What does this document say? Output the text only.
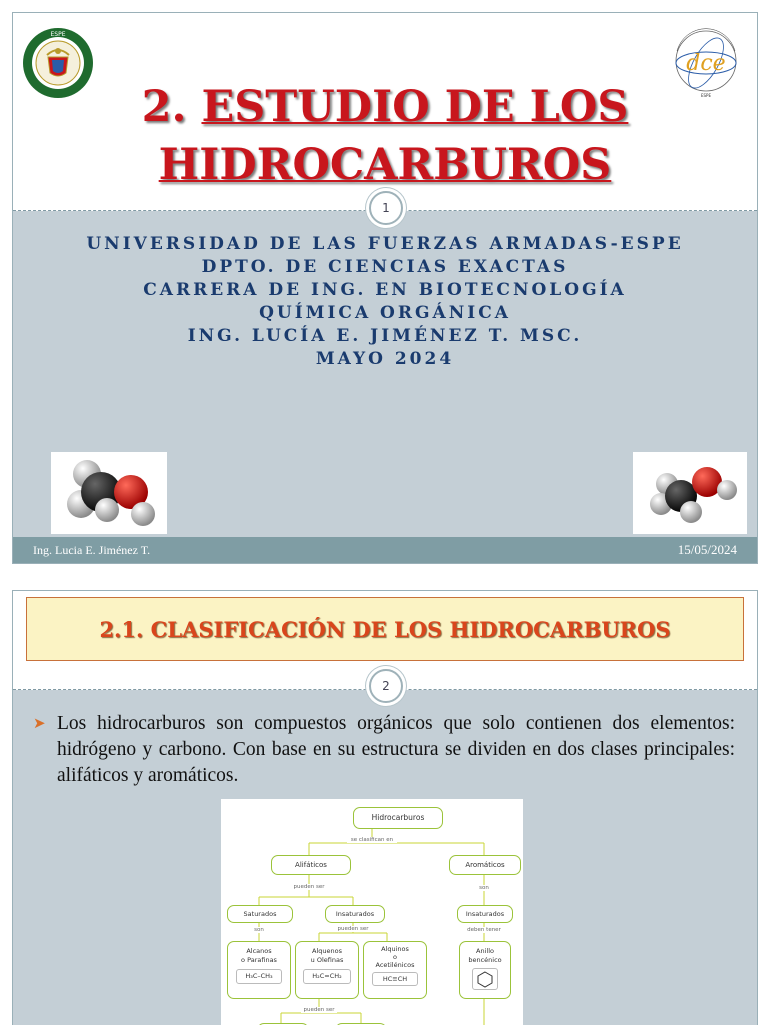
ESPE
dce
ESPE
2. ESTUDIO DE LOS
HIDROCARBUROS
1
UNIVERSIDAD DE LAS FUERZAS ARMADAS-ESPE
DPTO. DE CIENCIAS EXACTAS
CARRERA DE ING. EN BIOTECNOLOGÍA
QUÍMICA ORGÁNICA
ING. LUCÍA E. JIMÉNEZ T. MSC.
MAYO 2024
Ing. Lucia E. Jiménez T.	15/05/2024
2.1. CLASIFICACIÓN DE LOS HIDROCARBUROS
2
➤ Los hidrocarburos son compuestos orgánicos que solo contienen dos elementos: hidrógeno y carbono. Con base en su estructura se dividen en dos clases principales: alifáticos y aromáticos.
Hidrocarburos
se clasifican en
Alifáticos	Aromáticos
pueden ser	son
Saturados	Insaturados	Insaturados
son	pueden ser	deben tener
Alcanos
o Parafinas
H₃C–CH₃
Alquenos
u Olefinas
H₂C=CH₂
Alquinos
o
Acetilénicos
HC≡CH
Anillo
bencénico
pueden ser
